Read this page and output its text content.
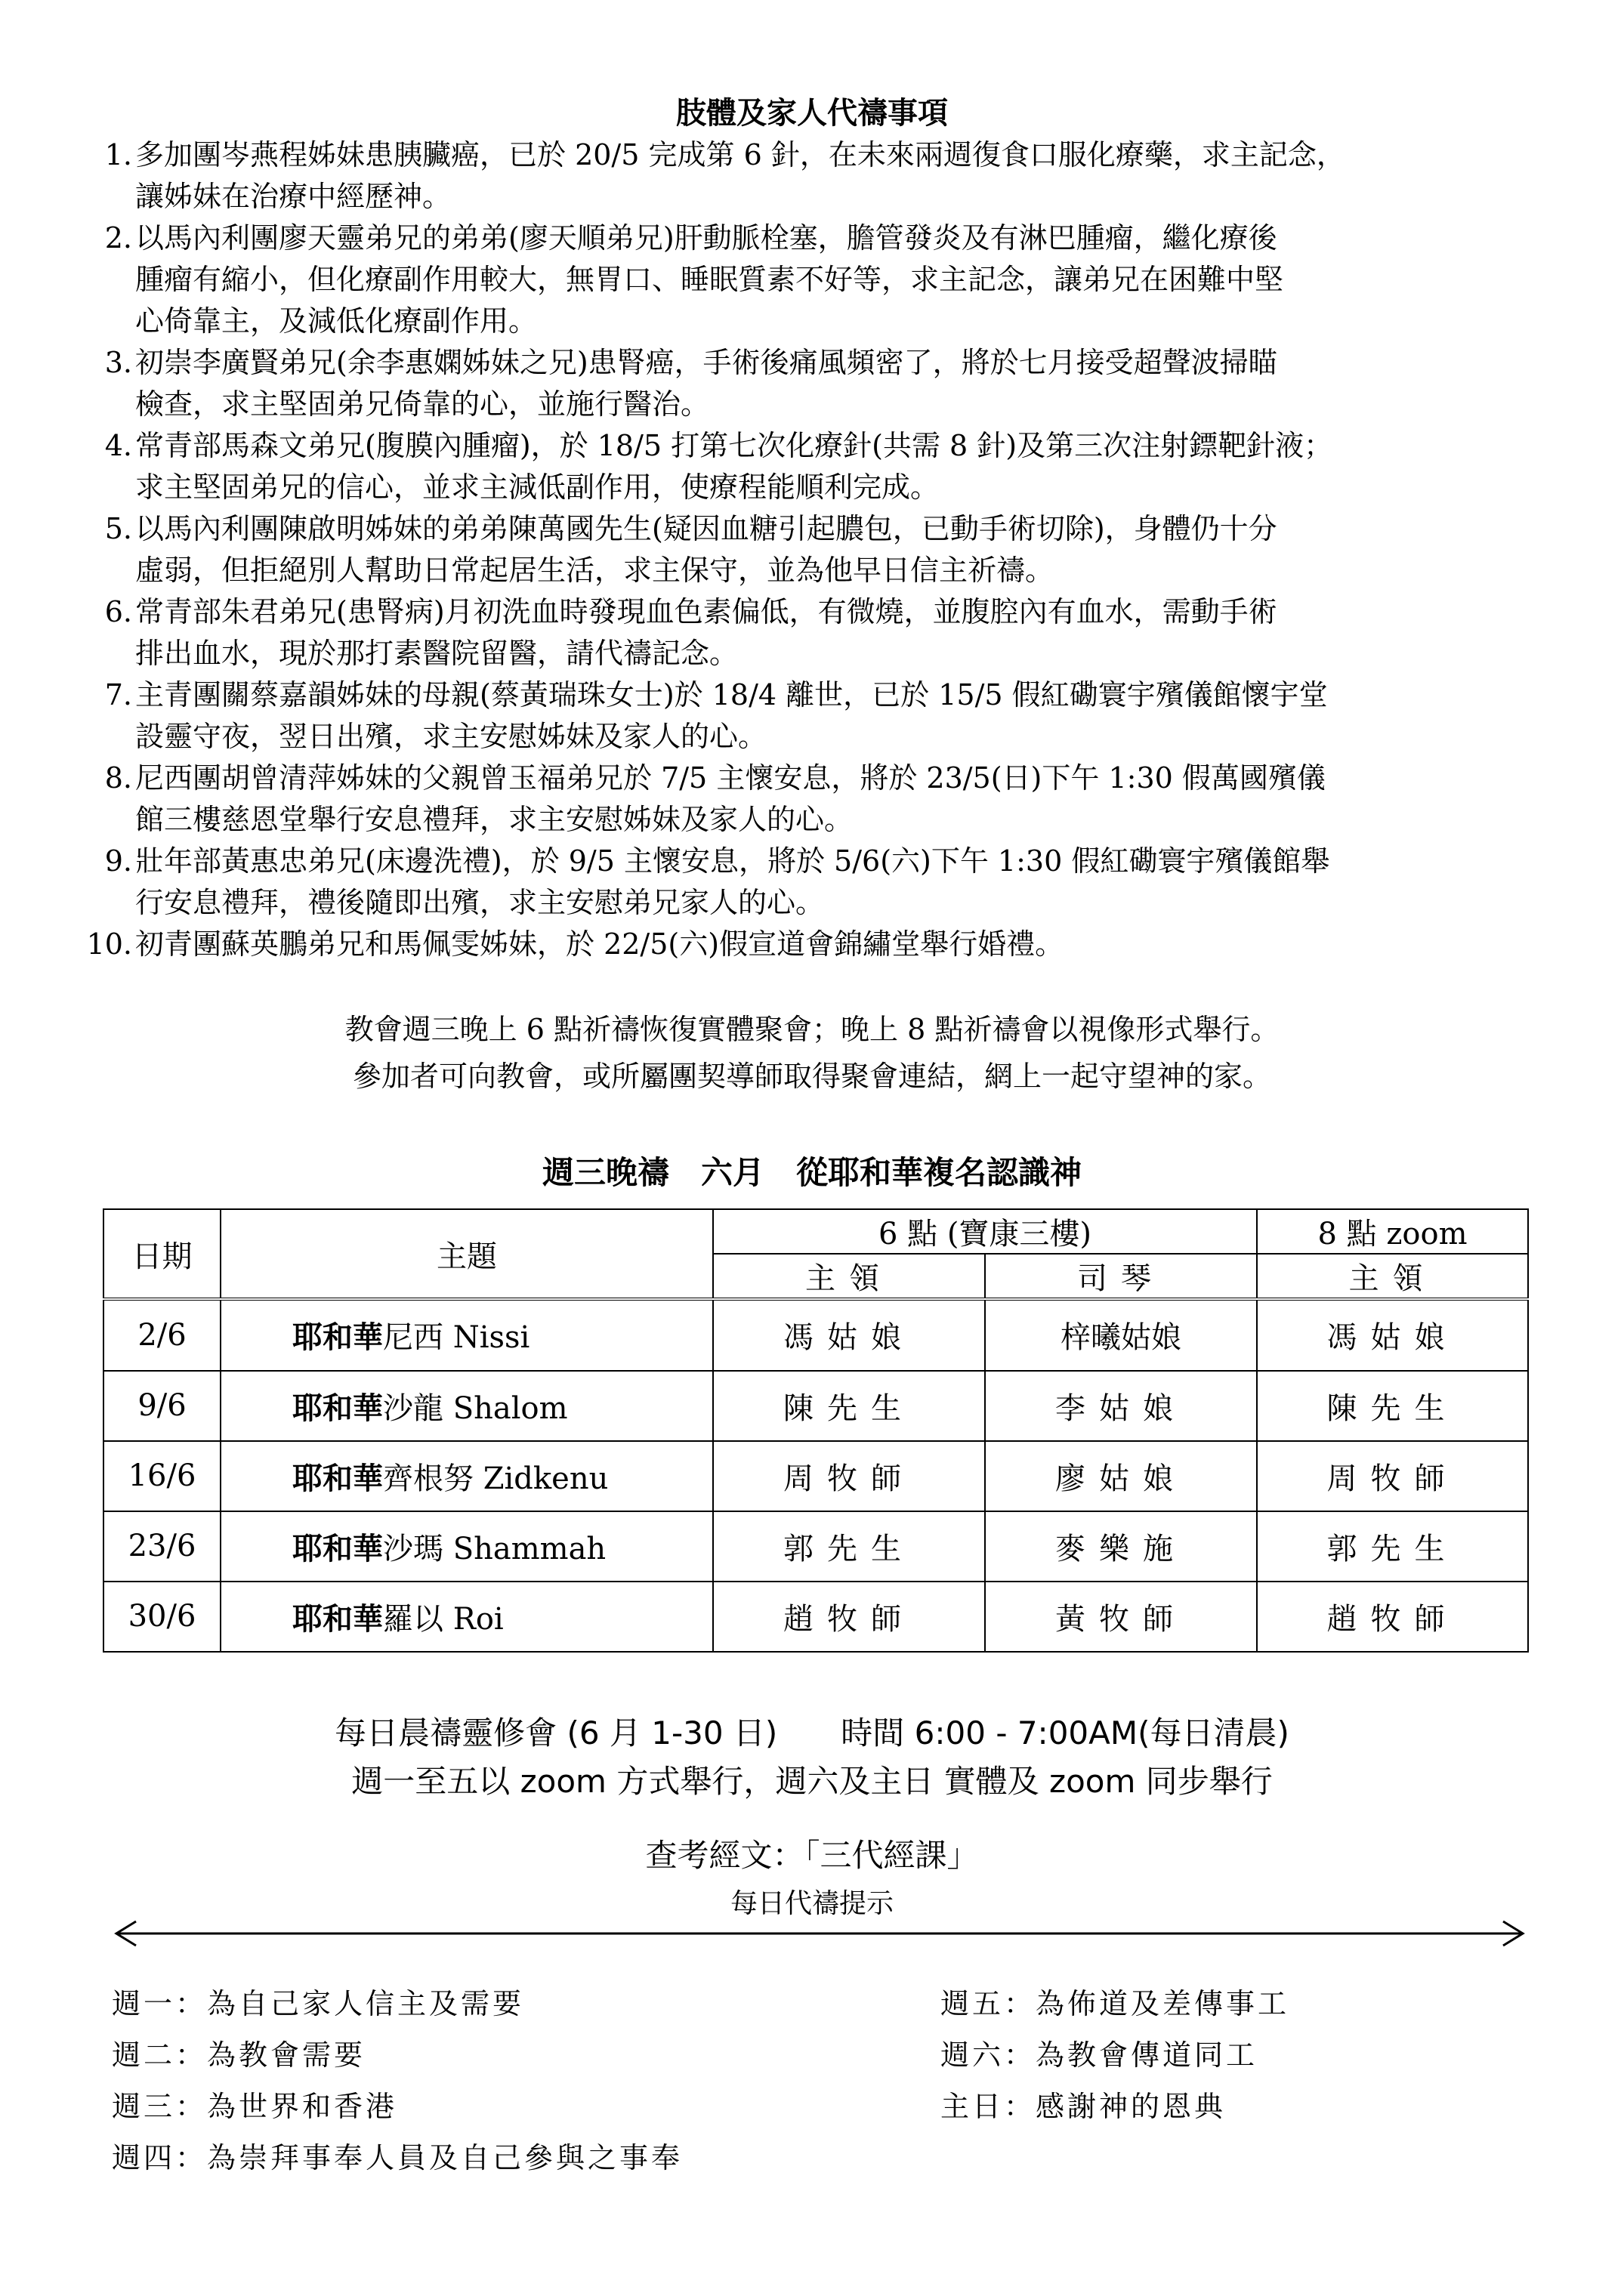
肢體及家人代禱事項
1. 多加團岑燕程姊妹患胰臟癌，已於 20/5 完成第 6 針，在未來兩週復食口服化療藥，求主記念，
讓姊妹在治療中經歷神。
2. 以馬內利團廖天靈弟兄的弟弟(廖天順弟兄)肝動脈栓塞，膽管發炎及有淋巴腫瘤，繼化療後
腫瘤有縮小，但化療副作用較大，無胃口、睡眠質素不好等，求主記念，讓弟兄在困難中堅
心倚靠主，及減低化療副作用。
3. 初崇李廣賢弟兄(余李惠嫻姊妹之兄)患腎癌，手術後痛風頻密了，將於七月接受超聲波掃瞄
檢查，求主堅固弟兄倚靠的心，並施行醫治。
4. 常青部馬森文弟兄(腹膜內腫瘤)，於 18/5 打第七次化療針(共需 8 針)及第三次注射鏢靶針液；
求主堅固弟兄的信心，並求主減低副作用，使療程能順利完成。
5. 以馬內利團陳啟明姊妹的弟弟陳萬國先生(疑因血糖引起膿包，已動手術切除)，身體仍十分
虛弱，但拒絕別人幫助日常起居生活，求主保守，並為他早日信主祈禱。
6. 常青部朱君弟兄(患腎病)月初洗血時發現血色素偏低，有微燒，並腹腔內有血水，需動手術
排出血水，現於那打素醫院留醫，請代禱記念。
7. 主青團關蔡嘉韻姊妹的母親(蔡黃瑞珠女士)於 18/4 離世，已於 15/5 假紅磡寰宇殯儀館懷宇堂
設靈守夜，翌日出殯，求主安慰姊妹及家人的心。
8. 尼西團胡曾清萍姊妹的父親曾玉福弟兄於 7/5 主懷安息，將於 23/5(日)下午 1:30 假萬國殯儀
館三樓慈恩堂舉行安息禮拜，求主安慰姊妹及家人的心。
9. 壯年部黃惠忠弟兄(床邊洗禮)，於 9/5 主懷安息，將於 5/6(六)下午 1:30 假紅磡寰宇殯儀館舉
行安息禮拜，禮後隨即出殯，求主安慰弟兄家人的心。
10. 初青團蘇英鵬弟兄和馬佩雯姊妹，於 22/5(六)假宣道會錦繡堂舉行婚禮。
教會週三晚上 6 點祈禱恢復實體聚會；晚上 8 點祈禱會以視像形式舉行。
參加者可向教會，或所屬團契導師取得聚會連結，網上一起守望神的家。
週三晚禱　六月　從耶和華複名認識神
日期	主題	6 點 (寶康三樓)		8 點 zoom
		主領	司琴	主領
2/6	耶和華尼西 Nissi	馮姑娘	梓曦姑娘	馮姑娘
9/6	耶和華沙龍 Shalom	陳先生	李姑娘	陳先生
16/6	耶和華齊根努 Zidkenu	周牧師	廖姑娘	周牧師
23/6	耶和華沙瑪 Shammah	郭先生	麥樂施	郭先生
30/6	耶和華羅以 Roi	趙牧師	黃牧師	趙牧師
每日晨禱靈修會 (6 月 1-30 日)　　時間 6:00 - 7:00AM(每日清晨)
週一至五以 zoom 方式舉行，週六及主日 實體及 zoom 同步舉行
查考經文：「三代經課」
每日代禱提示
週一：為自己家人信主及需要
週二：為教會需要
週三：為世界和香港
週四：為崇拜事奉人員及自己參與之事奉
週五：為佈道及差傳事工
週六：為教會傳道同工
主日：感謝神的恩典
